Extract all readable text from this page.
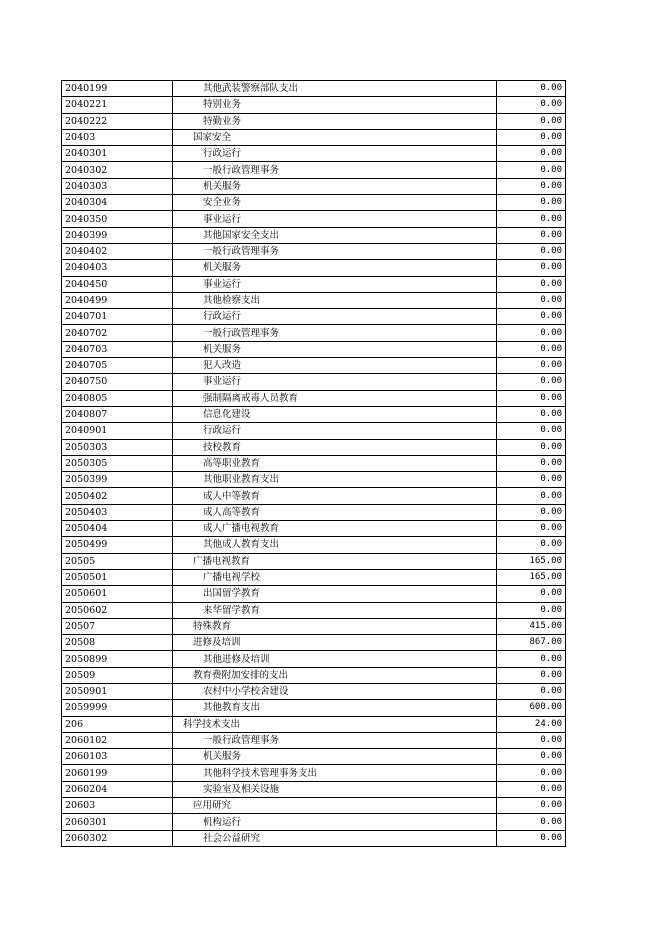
2040199	其他武装警察部队支出	0.00
2040221	特别业务	0.00
2040222	特勤业务	0.00
20403	国家安全	0.00
2040301	行政运行	0.00
2040302	一般行政管理事务	0.00
2040303	机关服务	0.00
2040304	安全业务	0.00
2040350	事业运行	0.00
2040399	其他国家安全支出	0.00
2040402	一般行政管理事务	0.00
2040403	机关服务	0.00
2040450	事业运行	0.00
2040499	其他检察支出	0.00
2040701	行政运行	0.00
2040702	一般行政管理事务	0.00
2040703	机关服务	0.00
2040705	犯人改造	0.00
2040750	事业运行	0.00
2040805	强制隔离戒毒人员教育	0.00
2040807	信息化建设	0.00
2040901	行政运行	0.00
2050303	技校教育	0.00
2050305	高等职业教育	0.00
2050399	其他职业教育支出	0.00
2050402	成人中等教育	0.00
2050403	成人高等教育	0.00
2050404	成人广播电视教育	0.00
2050499	其他成人教育支出	0.00
20505	广播电视教育	165.00
2050501	广播电视学校	165.00
2050601	出国留学教育	0.00
2050602	来华留学教育	0.00
20507	特殊教育	415.00
20508	进修及培训	867.00
2050899	其他进修及培训	0.00
20509	教育费附加安排的支出	0.00
2050901	农村中小学校舍建设	0.00
2059999	其他教育支出	600.00
206	科学技术支出	24.00
2060102	一般行政管理事务	0.00
2060103	机关服务	0.00
2060199	其他科学技术管理事务支出	0.00
2060204	实验室及相关设施	0.00
20603	应用研究	0.00
2060301	机构运行	0.00
2060302	社会公益研究	0.00
